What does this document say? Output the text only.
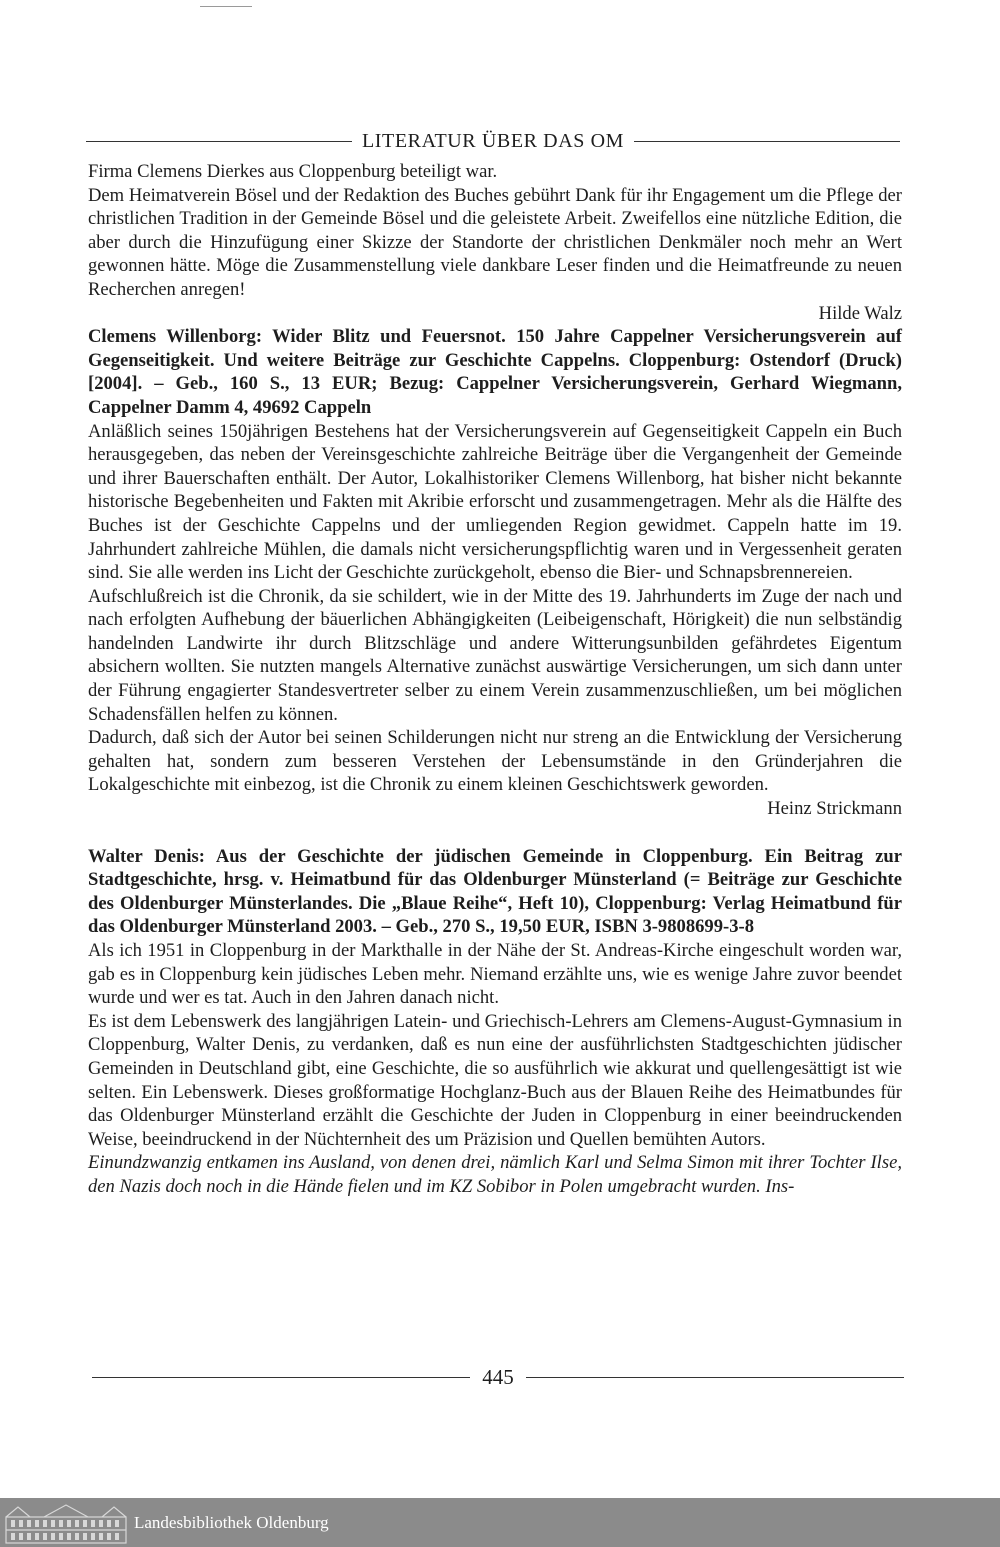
LITERATUR ÜBER DAS OM

Firma Clemens Dierkes aus Cloppenburg beteiligt war.

Dem Heimatverein Bösel und der Redaktion des Buches gebührt Dank für ihr Engagement um die Pflege der christlichen Tradition in der Gemeinde Bösel und die geleistete Arbeit. Zweifellos eine nützliche Edition, die aber durch die Hinzufügung einer Skizze der Standorte der christlichen Denkmäler noch mehr an Wert gewonnen hätte. Möge die Zusammenstellung viele dankbare Leser finden und die Heimatfreunde zu neuen Recherchen anregen!

Hilde Walz

Clemens Willenborg: Wider Blitz und Feuersnot. 150 Jahre Cappelner Versicherungsverein auf Gegenseitigkeit. Und weitere Beiträge zur Geschichte Cappelns. Cloppenburg: Ostendorf (Druck) [2004]. – Geb., 160 S., 13 EUR; Bezug: Cappelner Versicherungsverein, Gerhard Wiegmann, Cappelner Damm 4, 49692 Cappeln

Anläßlich seines 150jährigen Bestehens hat der Versicherungsverein auf Gegenseitigkeit Cappeln ein Buch herausgegeben, das neben der Vereinsgeschichte zahlreiche Beiträge über die Vergangenheit der Gemeinde und ihrer Bauerschaften enthält. Der Autor, Lokalhistoriker Clemens Willenborg, hat bisher nicht bekannte historische Begebenheiten und Fakten mit Akribie erforscht und zusammengetragen. Mehr als die Hälfte des Buches ist der Geschichte Cappelns und der umliegenden Region gewidmet. Cappeln hatte im 19. Jahrhundert zahlreiche Mühlen, die damals nicht versicherungspflichtig waren und in Vergessenheit geraten sind. Sie alle werden ins Licht der Geschichte zurückgeholt, ebenso die Bier- und Schnapsbrennereien.

Aufschlußreich ist die Chronik, da sie schildert, wie in der Mitte des 19. Jahrhunderts im Zuge der nach und nach erfolgten Aufhebung der bäuerlichen Abhängigkeiten (Leibeigenschaft, Hörigkeit) die nun selbständig handelnden Landwirte ihr durch Blitzschläge und andere Witterungsunbilden gefährdetes Eigentum absichern wollten. Sie nutzten mangels Alternative zunächst auswärtige Versicherungen, um sich dann unter der Führung engagierter Standesvertreter selber zu einem Verein zusammenzuschließen, um bei möglichen Schadensfällen helfen zu können.

Dadurch, daß sich der Autor bei seinen Schilderungen nicht nur streng an die Entwicklung der Versicherung gehalten hat, sondern zum besseren Verstehen der Lebensumstände in den Gründerjahren die Lokalgeschichte mit einbezog, ist die Chronik zu einem kleinen Geschichtswerk geworden.

Heinz Strickmann

Walter Denis: Aus der Geschichte der jüdischen Gemeinde in Cloppenburg. Ein Beitrag zur Stadtgeschichte, hrsg. v. Heimatbund für das Oldenburger Münsterland (= Beiträge zur Geschichte des Oldenburger Münsterlandes. Die „Blaue Reihe“, Heft 10), Cloppenburg: Verlag Heimatbund für das Oldenburger Münsterland 2003. – Geb., 270 S., 19,50 EUR, ISBN 3-9808699-3-8

Als ich 1951 in Cloppenburg in der Markthalle in der Nähe der St. Andreas-Kirche eingeschult worden war, gab es in Cloppenburg kein jüdisches Leben mehr. Niemand erzählte uns, wie es wenige Jahre zuvor beendet wurde und wer es tat. Auch in den Jahren danach nicht.

Es ist dem Lebenswerk des langjährigen Latein- und Griechisch-Lehrers am Clemens-August-Gymnasium in Cloppenburg, Walter Denis, zu verdanken, daß es nun eine der ausführlichsten Stadtgeschichten jüdischer Gemeinden in Deutschland gibt, eine Geschichte, die so ausführlich wie akkurat und quellengesättigt ist wie selten. Ein Lebenswerk. Dieses großformatige Hochglanz-Buch aus der Blauen Reihe des Heimatbundes für das Oldenburger Münsterland erzählt die Geschichte der Juden in Cloppenburg in einer beeindruckenden Weise, beeindruckend in der Nüchternheit des um Präzision und Quellen bemühten Autors.

Einundzwanzig entkamen ins Ausland, von denen drei, nämlich Karl und Selma Simon mit ihrer Tochter Ilse, den Nazis doch noch in die Hände fielen und im KZ Sobibor in Polen umgebracht wurden. Ins-

445
Landesbibliothek Oldenburg
